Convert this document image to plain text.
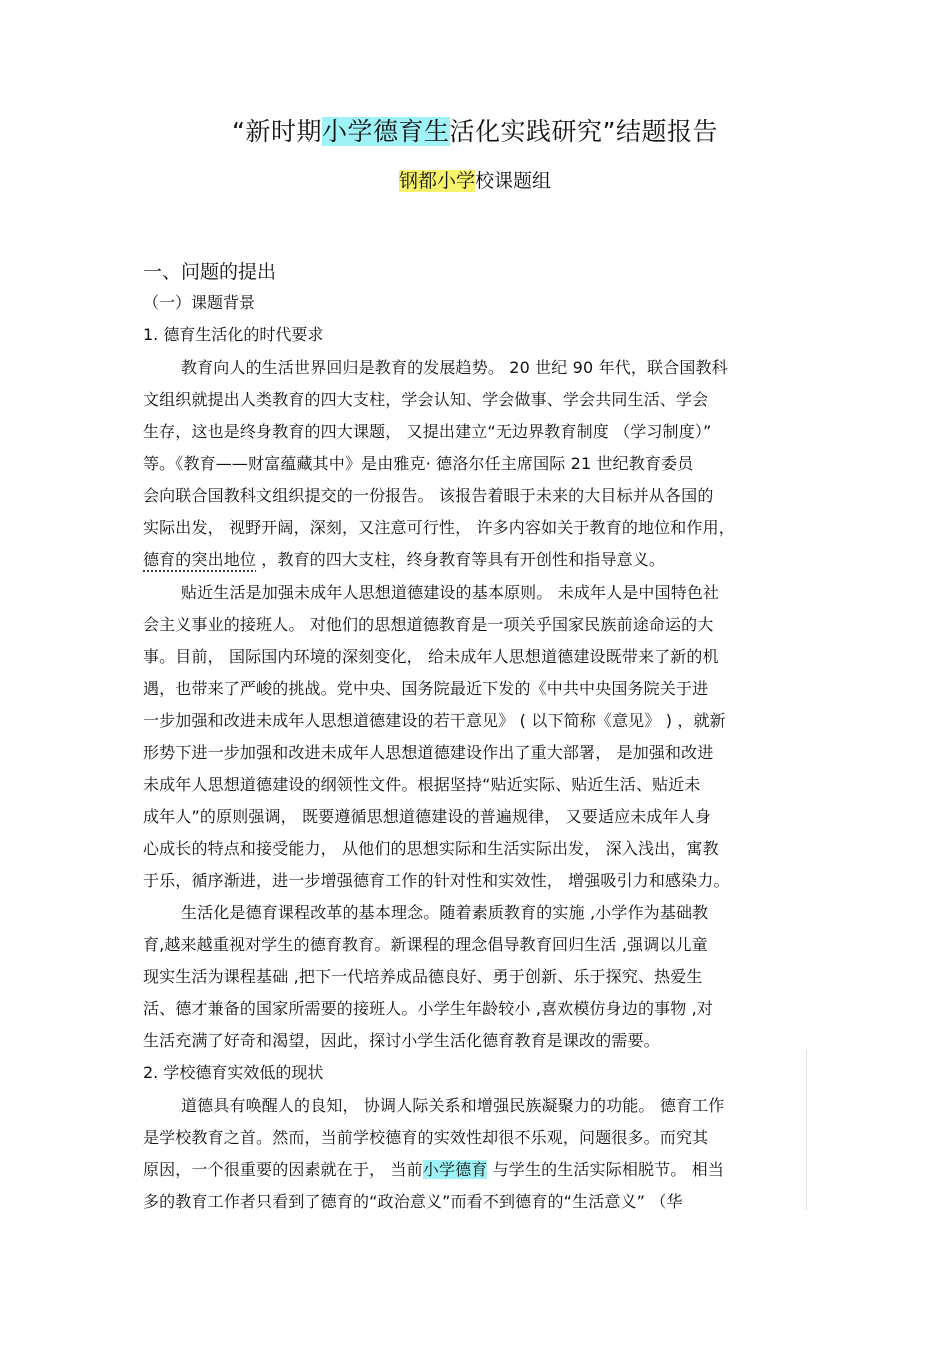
“新时期小学德育生活化实践研究”结题报告
钢都小学校课题组
一、问题的提出
（一）课题背景
1. 德育生活化的时代要求
教育向人的生活世界回归是教育的发展趋势。 20 世纪 90 年代，联合国教科
文组织就提出人类教育的四大支柱，学会认知、学会做事、学会共同生活、学会
生存，这也是终身教育的四大课题， 又提出建立“无边界教育制度 （学习制度）”
等。《教育——财富蕴藏其中》是由雅克· 德洛尔任主席国际 21 世纪教育委员
会向联合国教科文组织提交的一份报告。 该报告着眼于未来的大目标并从各国的
实际出发， 视野开阔，深刻，又注意可行性， 许多内容如关于教育的地位和作用，
德育的突出地位 ，教育的四大支柱，终身教育等具有开创性和指导意义。
贴近生活是加强未成年人思想道德建设的基本原则。 未成年人是中国特色社
会主义事业的接班人。 对他们的思想道德教育是一项关乎国家民族前途命运的大
事。目前， 国际国内环境的深刻变化， 给未成年人思想道德建设既带来了新的机
遇，也带来了严峻的挑战。党中央、国务院最近下发的《中共中央国务院关于进
一步加强和改进未成年人思想道德建设的若干意见》 ( 以下简称《意见》 ) ，就新
形势下进一步加强和改进未成年人思想道德建设作出了重大部署， 是加强和改进
未成年人思想道德建设的纲领性文件。根据坚持“贴近实际、贴近生活、贴近未
成年人”的原则强调， 既要遵循思想道德建设的普遍规律， 又要适应未成年人身
心成长的特点和接受能力， 从他们的思想实际和生活实际出发， 深入浅出，寓教
于乐，循序渐进，进一步增强德育工作的针对性和实效性， 增强吸引力和感染力。
生活化是德育课程改革的基本理念。随着素质教育的实施 ,小学作为基础教
育,越来越重视对学生的德育教育。新课程的理念倡导教育回归生活 ,强调以儿童
现实生活为课程基础 ,把下一代培养成品德良好、勇于创新、乐于探究、热爱生
活、德才兼备的国家所需要的接班人。小学生年龄较小 ,喜欢模仿身边的事物 ,对
生活充满了好奇和渴望，因此，探讨小学生活化德育教育是课改的需要。
2. 学校德育实效低的现状
道德具有唤醒人的良知， 协调人际关系和增强民族凝聚力的功能。 德育工作
是学校教育之首。然而，当前学校德育的实效性却很不乐观，问题很多。而究其
原因，一个很重要的因素就在于， 当前小学德育 与学生的生活实际相脱节。 相当
多的教育工作者只看到了德育的“政治意义”而看不到德育的“生活意义” （华
